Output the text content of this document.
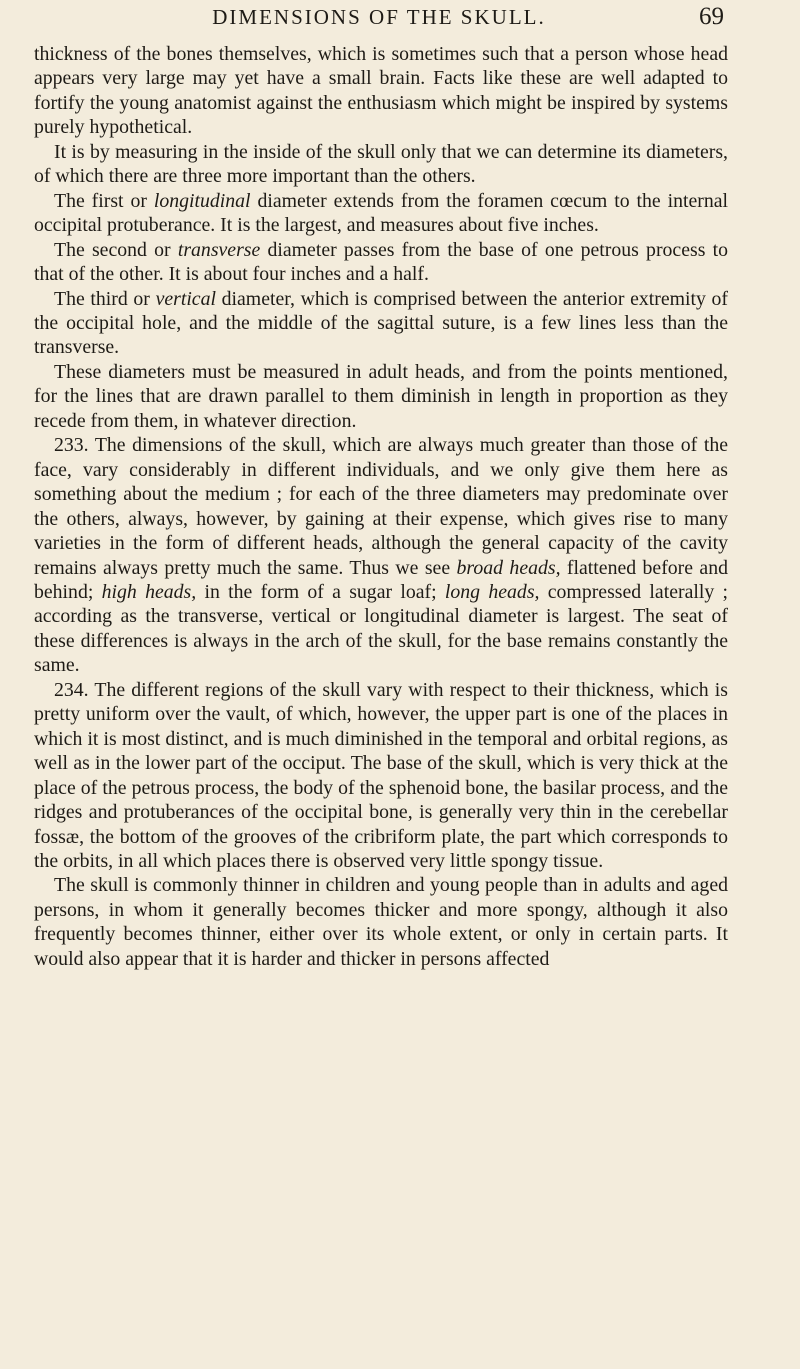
DIMENSIONS OF THE SKULL.	69

thickness of the bones themselves, which is sometimes such that a person whose head appears very large may yet have a small brain. Facts like these are well adapted to fortify the young anatomist against the enthusiasm which might be inspired by systems purely hypothetical.

It is by measuring in the inside of the skull only that we can determine its diameters, of which there are three more important than the others.

The first or longitudinal diameter extends from the foramen cœcum to the internal occipital protuberance. It is the largest, and measures about five inches.

The second or transverse diameter passes from the base of one petrous process to that of the other. It is about four inches and a half.

The third or vertical diameter, which is comprised between the anterior extremity of the occipital hole, and the middle of the sagittal suture, is a few lines less than the transverse.

These diameters must be measured in adult heads, and from the points mentioned, for the lines that are drawn parallel to them diminish in length in proportion as they recede from them, in whatever direction.

233. The dimensions of the skull, which are always much greater than those of the face, vary considerably in different individuals, and we only give them here as something about the medium ; for each of the three diameters may predominate over the others, always, however, by gaining at their expense, which gives rise to many varieties in the form of different heads, although the general capacity of the cavity remains always pretty much the same. Thus we see broad heads, flattened before and behind; high heads, in the form of a sugar loaf; long heads, compressed laterally ; according as the transverse, vertical or longitudinal diameter is largest. The seat of these differences is always in the arch of the skull, for the base remains constantly the same.

234. The different regions of the skull vary with respect to their thickness, which is pretty uniform over the vault, of which, however, the upper part is one of the places in which it is most distinct, and is much diminished in the temporal and orbital regions, as well as in the lower part of the occiput. The base of the skull, which is very thick at the place of the petrous process, the body of the sphenoid bone, the basilar process, and the ridges and protuberances of the occipital bone, is generally very thin in the cerebellar fossæ, the bottom of the grooves of the cribriform plate, the part which corresponds to the orbits, in all which places there is observed very little spongy tissue.

The skull is commonly thinner in children and young people than in adults and aged persons, in whom it generally becomes thicker and more spongy, although it also frequently becomes thinner, either over its whole extent, or only in certain parts. It would also appear that it is harder and thicker in persons affected
